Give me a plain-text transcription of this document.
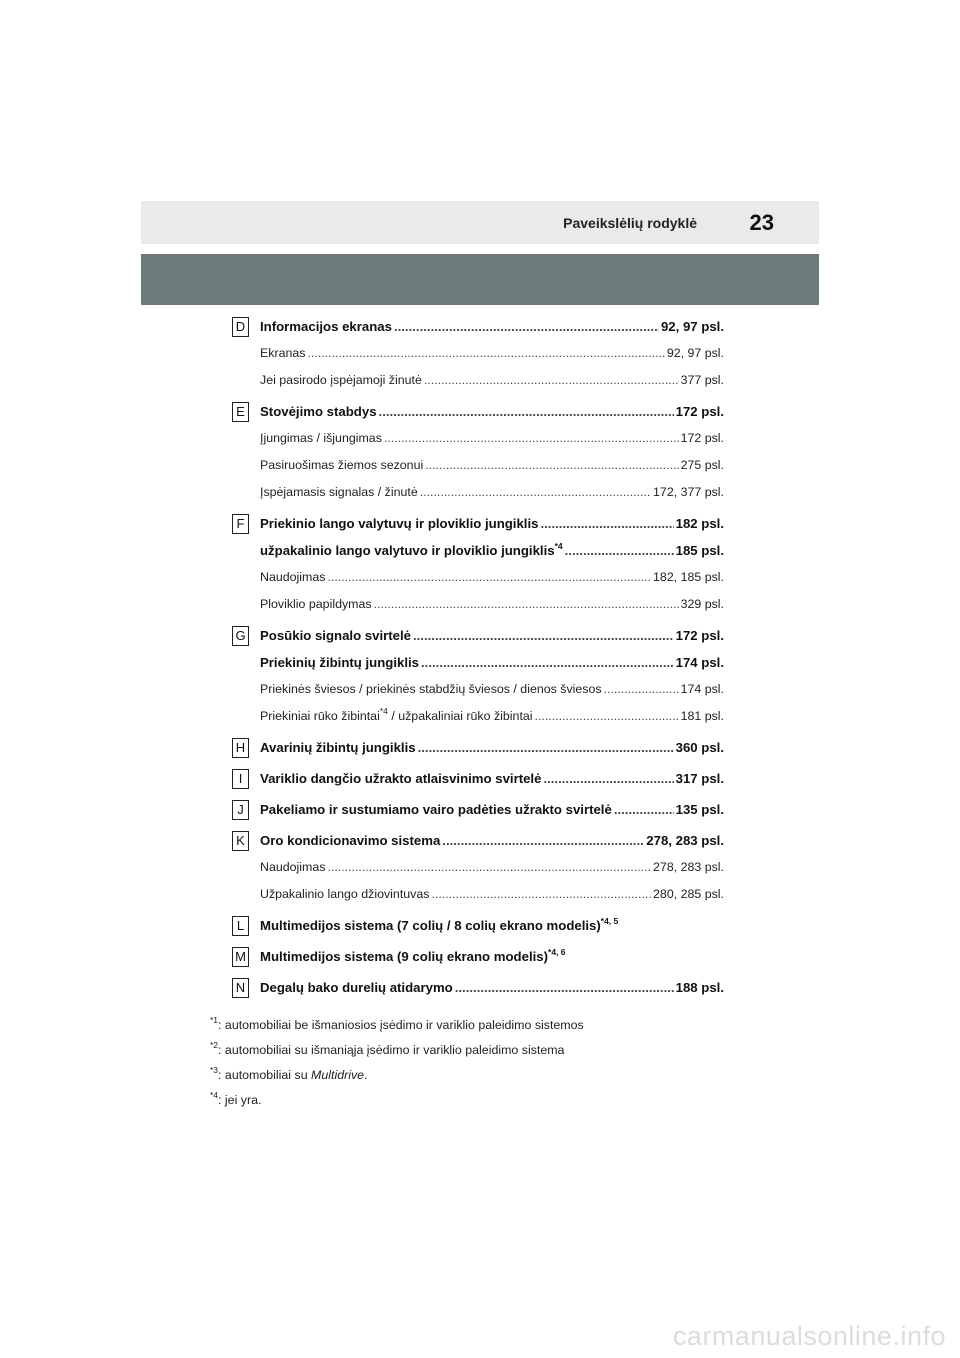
Paveikslėlių rodyklė 23
D Informacijos ekranas .....	92, 97 psl.
Ekranas .....	92, 97 psl.
Jei pasirodo įspėjamoji žinutė .....	377 psl.
E	Stovėjimo stabdys .....	172 psl.
Įjungimas / išjungimas .....	172 psl.
Pasiruošimas žiemos sezonui .....	275 psl.
Įspėjamasis signalas / žinutė .....	172, 377 psl.
F	Priekinio lango valytuvų ir ploviklio jungiklis .....	182 psl.
užpakalinio lango valytuvo ir ploviklio jungiklis$^{*4}$ .....	185 psl.
Naudojimas .....	182, 185 psl.
Ploviklio papildymas .....	329 psl.
G Posūkio signalo svirtelė .....	172 psl.
Priekinių žibintų jungiklis .....	174 psl.
Priekinės šviesos / priekinės stabdžių šviesos / dienos šviesos .....	174 psl.
Priekiniai rūko žibintai$^{*4}$ / užpakaliniai rūko žibintai .....	181 psl.
H Avarinių žibintų jungiklis .....	360 psl.
I	Variklio dangčio užrakto atlaisvinimo svirtelė .....	317 psl.
J	Pakeliamo ir sustumiamo vairo padėties užrakto svirtelė .....	135 psl.
K	Oro kondicionavimo sistema .....	278, 283 psl.
Naudojimas .....	278, 283 psl.
Užpakalinio lango džiovintuvas .....	280, 285 psl.
L	Multimedijos sistema (7 colių / 8 colių ekrano modelis)$^{*4, 5}$
M Multimedijos sistema (9 colių ekrano modelis)$^{*4, 6}$
N Degalų bako durelių atidarymo .....	188 psl.
$^{*1}$: automobiliai be išmaniosios įsėdimo ir variklio paleidimo sistemos
$^{*2}$: automobiliai su išmaniąja įsėdimo ir variklio paleidimo sistema
$^{*3}$: automobiliai su Multidrive.
$^{*4}$: jei yra.
carmanualsonline.info
